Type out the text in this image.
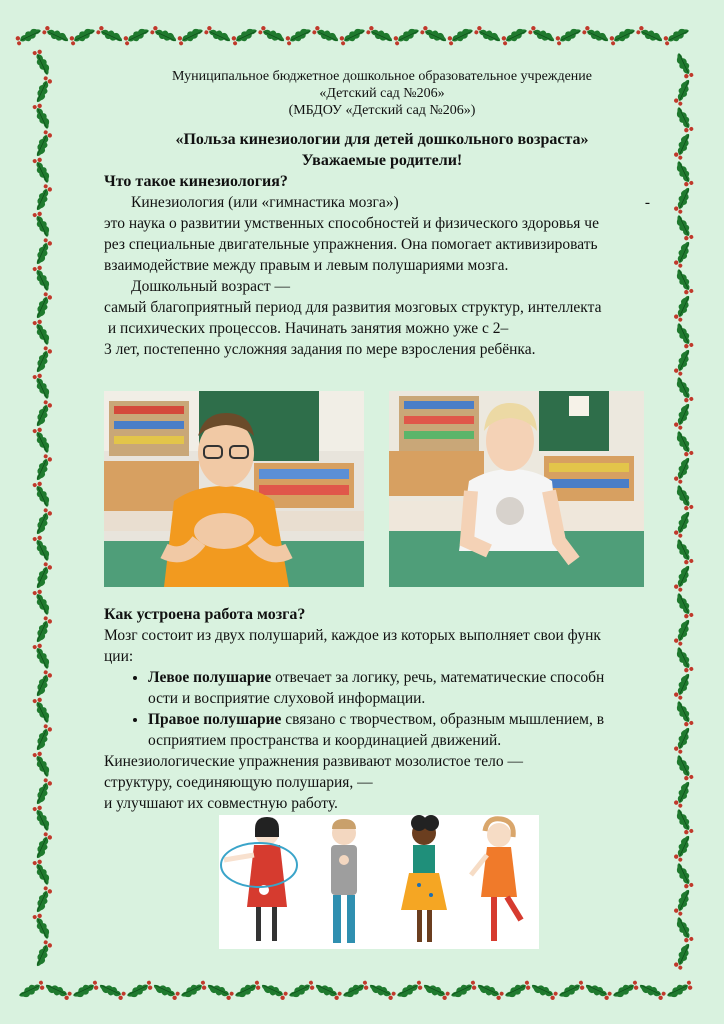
Муниципальное бюджетное дошкольное образовательное учреждение
«Детский сад №206»
(МБДОУ «Детский сад №206»)
«Польза кинезиологии для детей дошкольного возраста»
Уважаемые родители!
Что такое кинезиология?
Кинезиология (или «гимнастика мозга»)	-
это наука о развитии умственных способностей и физического здоровья че
рез специальные двигательные упражнения. Она помогает активизировать
взаимодействие между правым и левым полушариями мозга.
Дошкольный возраст —
самый благоприятный период для развития мозговых структур, интеллекта
и психических процессов. Начинать занятия можно уже с 2–
3 лет, постепенно усложняя задания по мере взросления ребёнка.
Как устроена работа мозга?
Мозг состоит из двух полушарий, каждое из которых выполняет свои функ
ции:
• Левое полушарие отвечает за логику, речь, математические способн
ости и восприятие слуховой информации.
• Правое полушарие связано с творчеством, образным мышлением, в
осприятием пространства и координацией движений.
Кинезиологические упражнения развивают мозолистое тело —
структуру, соединяющую полушария, —
и улучшают их совместную работу.
